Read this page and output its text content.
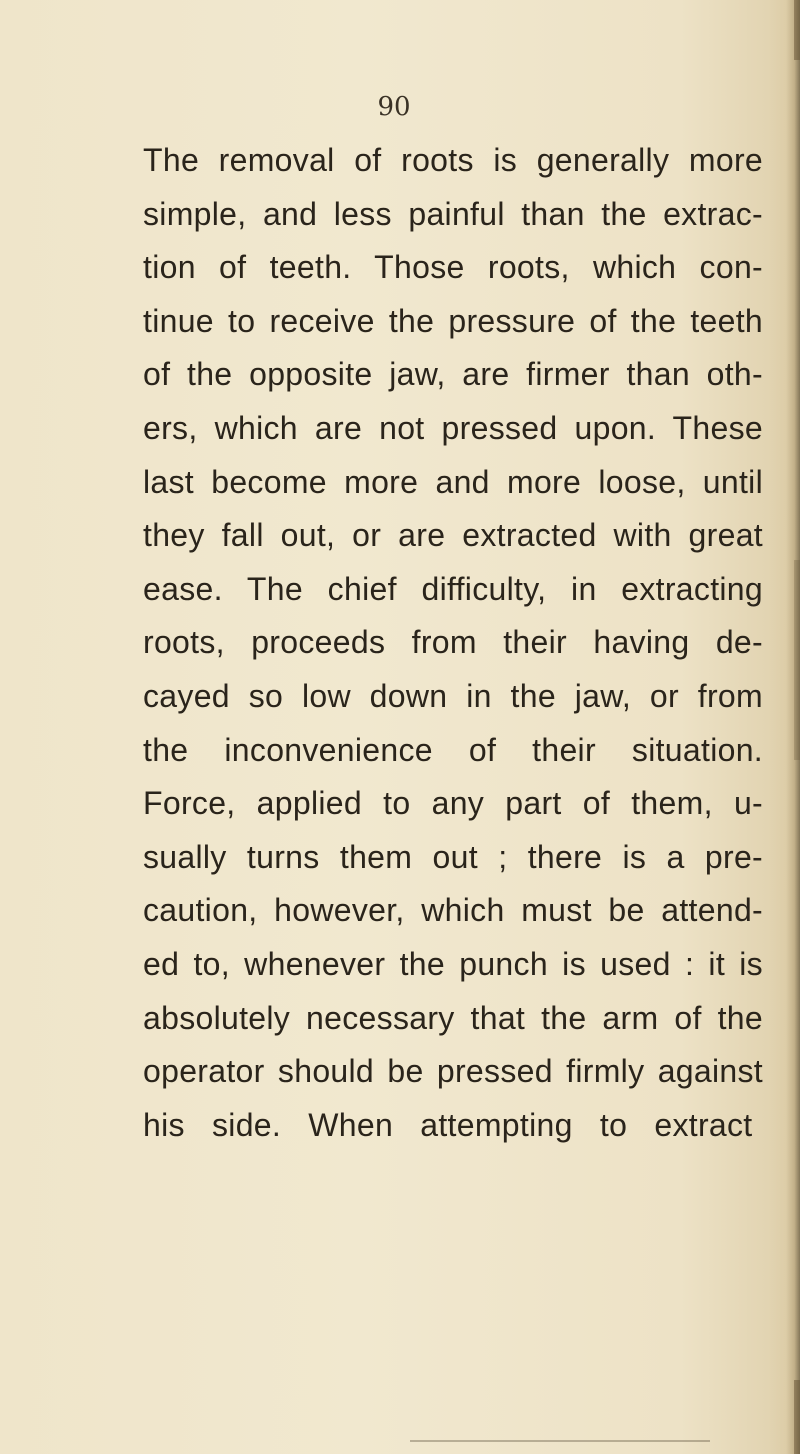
90
The removal of roots is generally more
simple, and less painful than the extrac-
tion of teeth. Those roots, which con-
tinue to receive the pressure of the teeth
of the opposite jaw, are firmer than oth-
ers, which are not pressed upon. These
last become more and more loose, until
they fall out, or are extracted with great
ease. The chief difficulty, in extracting
roots, proceeds from their having de-
cayed so low down in the jaw, or from
the inconvenience of their situation.
Force, applied to any part of them, u-
sually turns them out ; there is a pre-
caution, however, which must be attend-
ed to, whenever the punch is used : it is
absolutely necessary that the arm of the
operator should be pressed firmly against
his side. When attempting to extract
